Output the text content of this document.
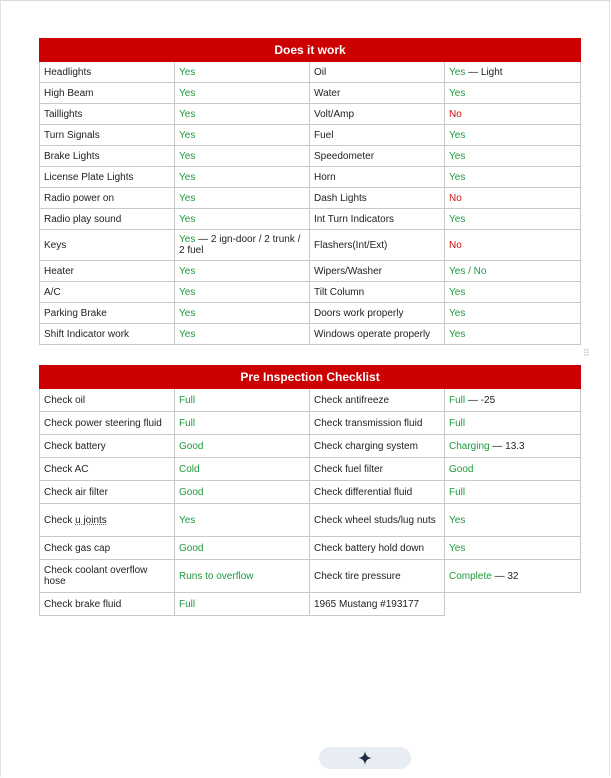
Does it work			
Headlights	Yes	Oil	Yes — Light
High Beam	Yes	Water	Yes
Taillights	Yes	Volt/Amp	No
Turn Signals	Yes	Fuel	Yes
Brake Lights	Yes	Speedometer	Yes
License Plate Lights	Yes	Horn	Yes
Radio power on	Yes	Dash Lights	No
Radio play sound	Yes	Int Turn Indicators	Yes
Keys	Yes — 2 ign-door / 2 trunk / 2 fuel	Flashers(Int/Ext)	No
Heater	Yes	Wipers/Washer	Yes / No
A/C	Yes	Tilt Column	Yes
Parking Brake	Yes	Doors work properly	Yes
Shift Indicator work	Yes	Windows operate properly	Yes
⠿
Pre Inspection Checklist			
Check oil	Full	Check antifreeze	Full — -25
Check power steering fluid	Full	Check transmission fluid	Full
Check battery	Good	Check charging system	Charging — 13.3
Check AC	Cold	Check fuel filter	Good
Check air filter	Good	Check differential fluid	Full
Check u joints	Yes	Check wheel studs/lug nuts	Yes
Check gas cap	Good	Check battery hold down	Yes
Check coolant overflow hose	Runs to overflow	Check tire pressure	Complete — 32
Check brake fluid	Full	1965 Mustang #193177	
